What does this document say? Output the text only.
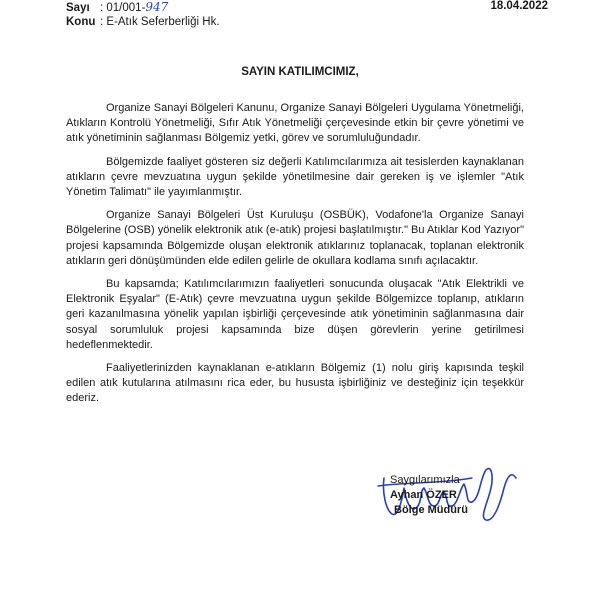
Sayı : 01/001-947
Konu : E-Atık Seferberliği Hk.
18.04.2022
SAYIN KATILIMCIMIZ,

Organize Sanayi Bölgeleri Kanunu, Organize Sanayi Bölgeleri Uygulama Yönetmeliği, Atıkların Kontrolü Yönetmeliği, Sıfır Atık Yönetmeliği çerçevesinde etkin bir çevre yönetimi ve atık yönetiminin sağlanması Bölgemiz yetki, görev ve sorumluluğundadır.

Bölgemizde faaliyet gösteren siz değerli Katılımcılarımıza ait tesislerden kaynaklanan atıkların çevre mevzuatına uygun şekilde yönetilmesine dair gereken iş ve işlemler "Atık Yönetim Talimatı" ile yayımlanmıştır.

Organize Sanayi Bölgeleri Üst Kuruluşu (OSBÜK), Vodafone'la Organize Sanayi Bölgelerine (OSB) yönelik elektronik atık (e-atık) projesi başlatılmıştır." Bu Atıklar Kod Yazıyor" projesi kapsamında Bölgemizde oluşan elektronik atıklarınız toplanacak, toplanan elektronik atıkların geri dönüşümünden elde edilen gelirle de okullara kodlama sınıfı açılacaktır.

Bu kapsamda; Katılımcılarımızın faaliyetleri sonucunda oluşacak "Atık Elektrikli ve Elektronik Eşyalar" (E-Atık) çevre mevzuatına uygun şekilde Bölgemizce toplanıp, atıkların geri kazanılmasına yönelik yapılan işbirliği çerçevesinde atık yönetiminin sağlanmasına dair sosyal sorumluluk projesi kapsamında bize düşen görevlerin yerine getirilmesi hedeflenmektedir.

Faaliyetlerinizden kaynaklanan e-atıkların Bölgemiz (1) nolu giriş kapısında teşkil edilen atık kutularına atılmasını rica eder, bu hususta işbirliğiniz ve desteğiniz için teşekkür ederiz.

Saygılarımızla
Ayhan ÖZER
Bölge Müdürü
